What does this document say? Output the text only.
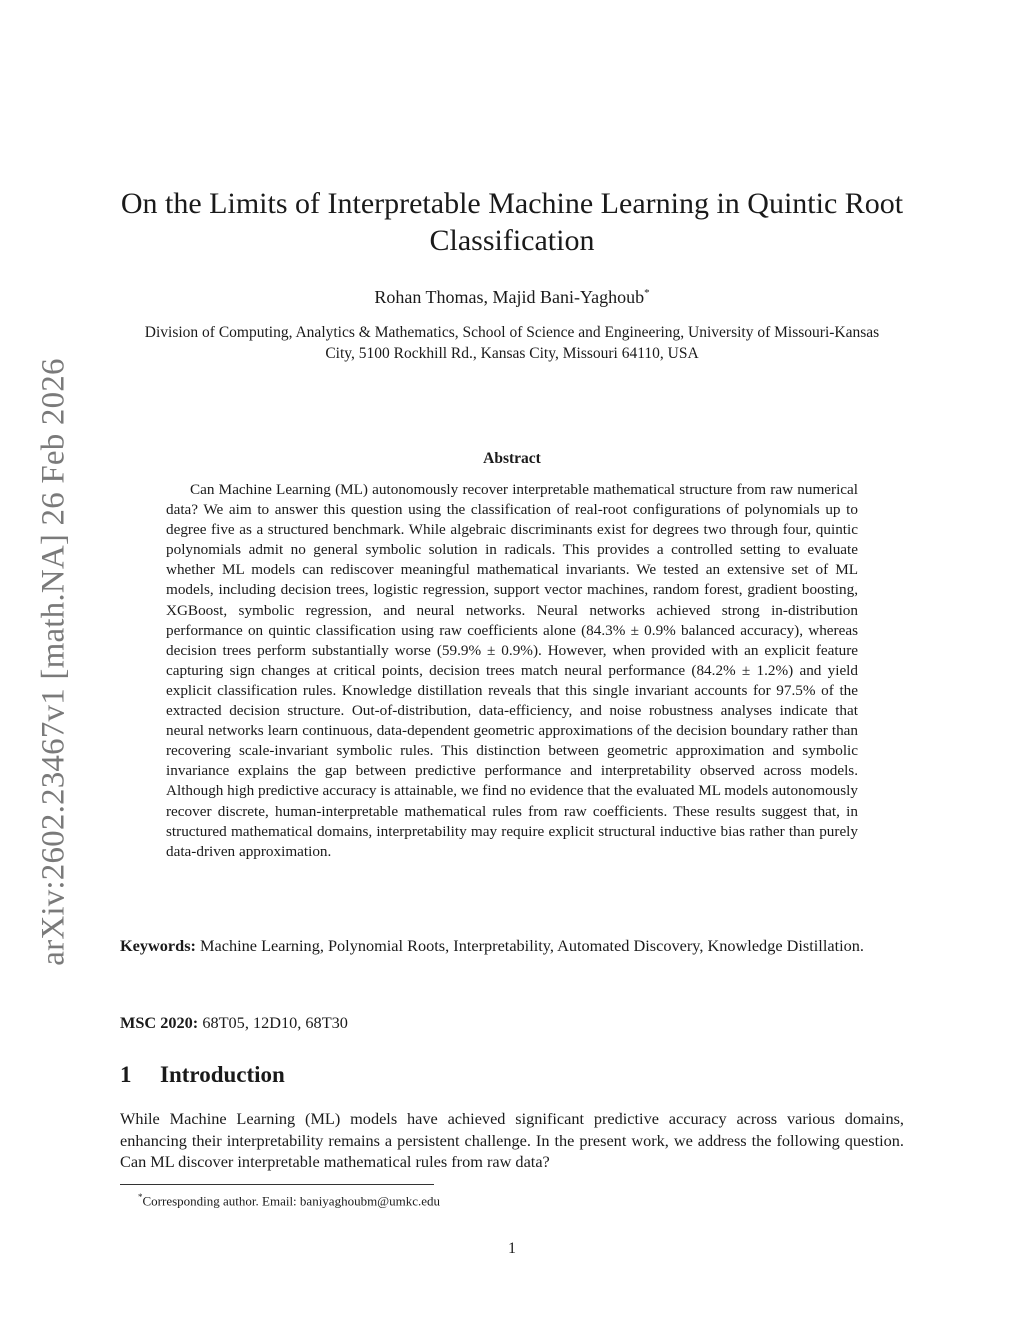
arXiv:2602.23467v1 [math.NA] 26 Feb 2026
On the Limits of Interpretable Machine Learning in Quintic Root Classification
Rohan Thomas, Majid Bani-Yaghoub*
Division of Computing, Analytics & Mathematics, School of Science and Engineering, University of Missouri-Kansas City, 5100 Rockhill Rd., Kansas City, Missouri 64110, USA
Abstract

Can Machine Learning (ML) autonomously recover interpretable mathematical structure from raw numerical data? We aim to answer this question using the classification of real-root configurations of polynomials up to degree five as a structured benchmark. While algebraic discriminants exist for degrees two through four, quintic polynomials admit no general symbolic solution in radicals. This provides a controlled setting to evaluate whether ML models can rediscover meaningful mathematical invariants. We tested an extensive set of ML models, including decision trees, logistic regression, support vector machines, random forest, gradient boosting, XGBoost, symbolic regression, and neural networks. Neural networks achieved strong in-distribution performance on quintic classification using raw coefficients alone (84.3% ± 0.9% balanced accuracy), whereas decision trees perform substantially worse (59.9% ± 0.9%). However, when provided with an explicit feature capturing sign changes at critical points, decision trees match neural performance (84.2% ± 1.2%) and yield explicit classification rules. Knowledge distillation reveals that this single invariant accounts for 97.5% of the extracted decision structure. Out-of-distribution, data-efficiency, and noise robustness analyses indicate that neural networks learn continuous, data-dependent geometric approximations of the decision boundary rather than recovering scale-invariant symbolic rules. This distinction between geometric approximation and symbolic invariance explains the gap between predictive performance and interpretability observed across models. Although high predictive accuracy is attainable, we find no evidence that the evaluated ML models autonomously recover discrete, human-interpretable mathematical rules from raw coefficients. These results suggest that, in structured mathematical domains, interpretability may require explicit structural inductive bias rather than purely data-driven approximation.

Keywords: Machine Learning, Polynomial Roots, Interpretability, Automated Discovery, Knowledge Distillation.

MSC 2020: 68T05, 12D10, 68T30

1 Introduction

While Machine Learning (ML) models have achieved significant predictive accuracy across various domains, enhancing their interpretability remains a persistent challenge. In the present work, we address the following question. Can ML discover interpretable mathematical rules from raw data?

*Corresponding author. Email: baniyaghoubm@umkc.edu

1
